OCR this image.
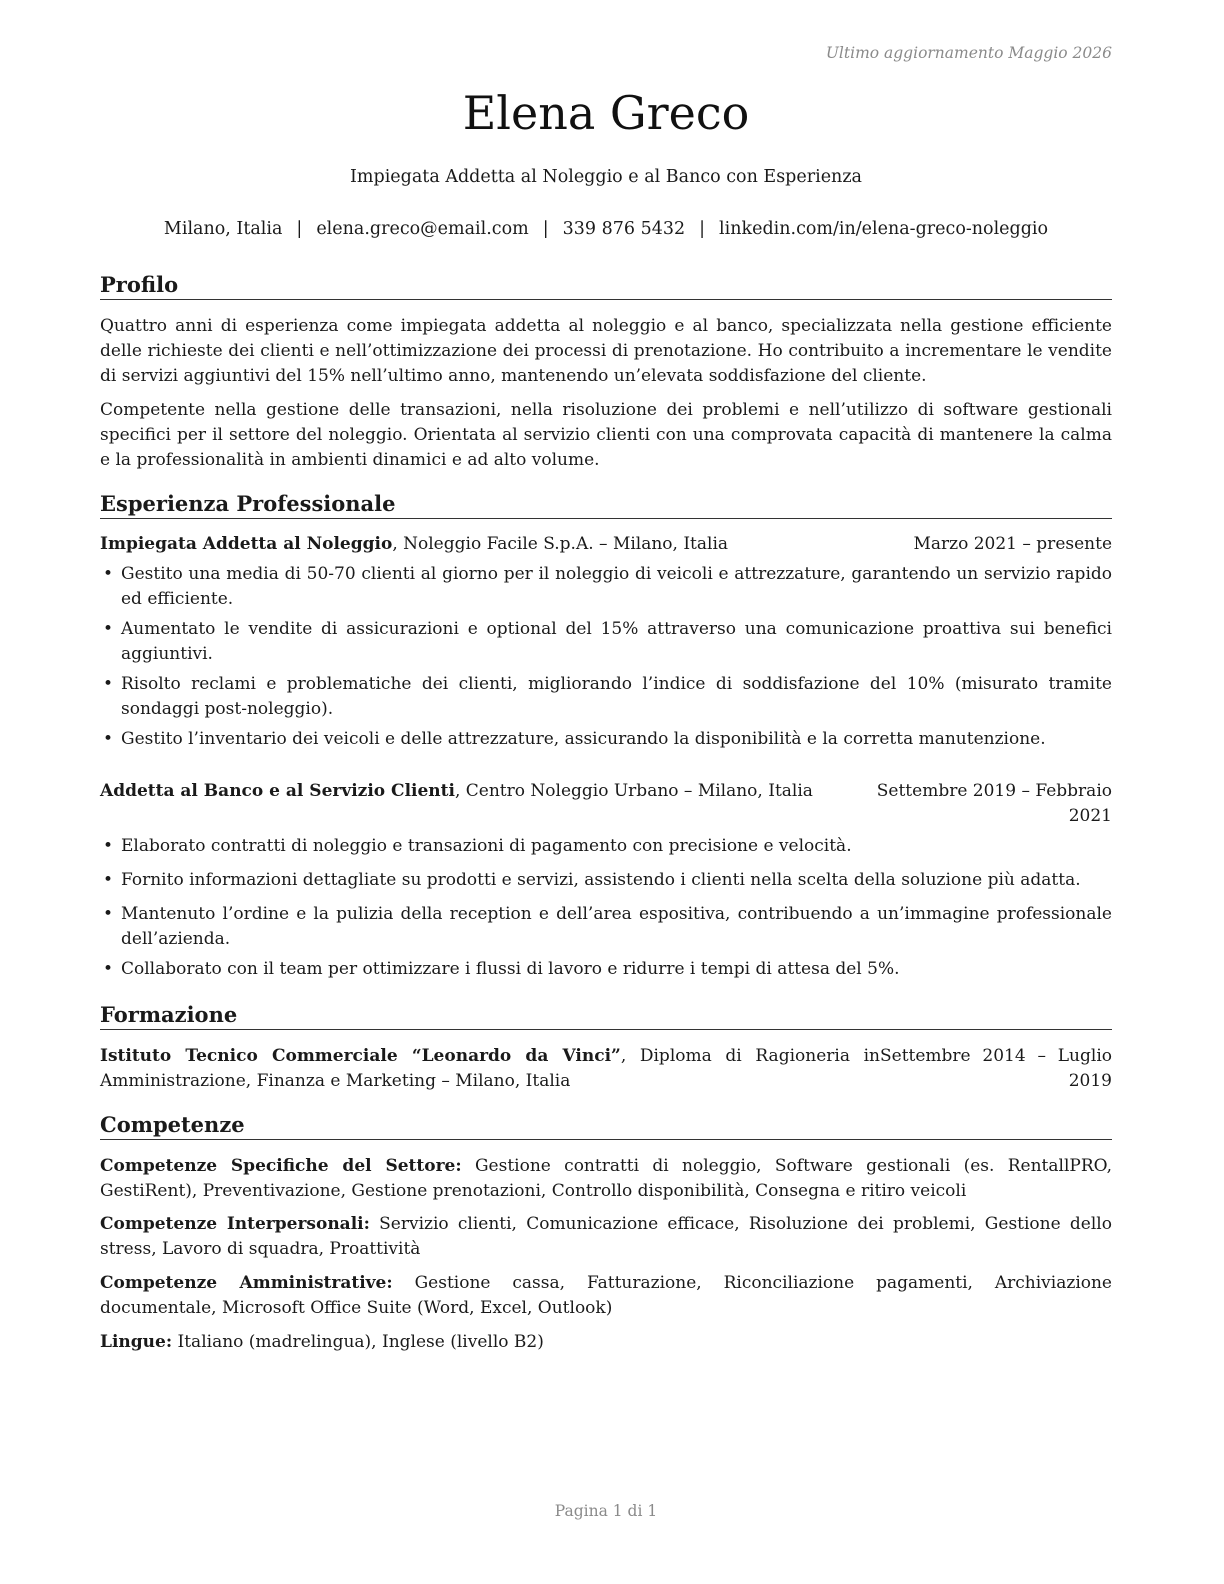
Ultimo aggiornamento Maggio 2026
Elena Greco
Impiegata Addetta al Noleggio e al Banco con Esperienza
Milano, Italia | elena.greco@email.com | 339 876 5432 | linkedin.com/in/elena-greco-noleggio
Profilo

Quattro anni di esperienza come impiegata addetta al noleggio e al banco, specializzata nella gestione efficiente delle richieste dei clienti e nell’ottimizzazione dei processi di prenotazione. Ho contribuito a incrementare le vendite di servizi aggiuntivi del 15% nell’ultimo anno, mantenendo un’elevata soddisfazione del cliente.

Competente nella gestione delle transazioni, nella risoluzione dei problemi e nell’utilizzo di software gestionali specifici per il settore del noleggio. Orientata al servizio clienti con una comprovata capacità di mantenere la calma e la professionalità in ambienti dinamici e ad alto volume.

Esperienza Professionale
Impiegata Addetta al Noleggio, Noleggio Facile S.p.A. – Milano, Italia	Marzo 2021 – presente
• Gestito una media di 50-70 clienti al giorno per il noleggio di veicoli e attrezzature, garantendo un servizio rapido ed efficiente.
• Aumentato le vendite di assicurazioni e optional del 15% attraverso una comunicazione proattiva sui benefici aggiuntivi.
• Risolto reclami e problematiche dei clienti, migliorando l’indice di soddisfazione del 10% (misurato tramite sondaggi post-noleggio).
• Gestito l’inventario dei veicoli e delle attrezzature, assicurando la disponibilità e la corretta manutenzione.
Addetta al Banco e al Servizio Clienti, Centro Noleggio Urbano – Milano, Italia	Settembre 2019 – Febbraio 2021
• Elaborato contratti di noleggio e transazioni di pagamento con precisione e velocità.
• Fornito informazioni dettagliate su prodotti e servizi, assistendo i clienti nella scelta della soluzione più adatta.
• Mantenuto l’ordine e la pulizia della reception e dell’area espositiva, contribuendo a un’immagine professionale dell’azienda.
• Collaborato con il team per ottimizzare i flussi di lavoro e ridurre i tempi di attesa del 5%.
Formazione
Istituto Tecnico Commerciale “Leonardo da Vinci”, Diploma di Ragioneria in Amministrazione, Finanza e Marketing – Milano, Italia
Settembre 2014 – Luglio 2019
Competenze

Competenze Specifiche del Settore: Gestione contratti di noleggio, Software gestionali (es. RentallPRO, GestiRent), Preventivazione, Gestione prenotazioni, Controllo disponibilità, Consegna e ritiro veicoli

Competenze Interpersonali: Servizio clienti, Comunicazione efficace, Risoluzione dei problemi, Gestione dello stress, Lavoro di squadra, Proattività

Competenze Amministrative: Gestione cassa, Fatturazione, Riconciliazione pagamenti, Archiviazione documentale, Microsoft Office Suite (Word, Excel, Outlook)

Lingue: Italiano (madrelingua), Inglese (livello B2)

Pagina 1 di 1
